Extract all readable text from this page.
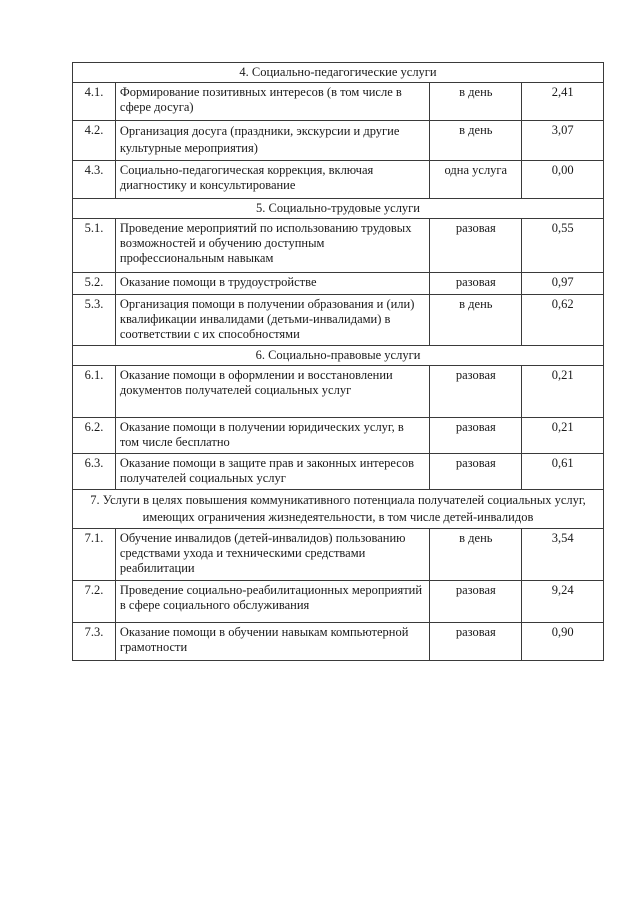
4. Социально-педагогические услуги			
4.1.	Формирование позитивных интересов (в том числе в сфере досуга)	в день	2,41
4.2.	Организация досуга (праздники, экскурсии и другие культурные мероприятия)	в день	3,07
4.3.	Социально-педагогическая коррекция, включая диагностику и консультирование	одна услуга	0,00
5. Социально-трудовые услуги			
5.1.	Проведение мероприятий по использованию трудовых возможностей и обучению доступным профессиональным навыкам	разовая	0,55
5.2.	Оказание помощи в трудоустройстве	разовая	0,97
5.3.	Организация помощи в получении образования и (или) квалификации инвалидами (детьми-инвалидами) в соответствии с их способностями	в день	0,62
6. Социально-правовые услуги			
6.1.	Оказание помощи в оформлении и восстановлении документов получателей социальных услуг	разовая	0,21
6.2.	Оказание помощи в получении юридических услуг, в том числе бесплатно	разовая	0,21
6.3.	Оказание помощи в защите прав и законных интересов получателей социальных услуг	разовая	0,61
7. Услуги в целях повышения коммуникативного потенциала получателей социальных услуг, имеющих ограничения жизнедеятельности, в том числе детей-инвалидов			
7.1.	Обучение инвалидов (детей-инвалидов) пользованию средствами ухода и техническими средствами реабилитации	в день	3,54
7.2.	Проведение социально-реабилитационных мероприятий в сфере социального обслуживания	разовая	9,24
7.3.	Оказание помощи в обучении навыкам компьютерной грамотности	разовая	0,90
